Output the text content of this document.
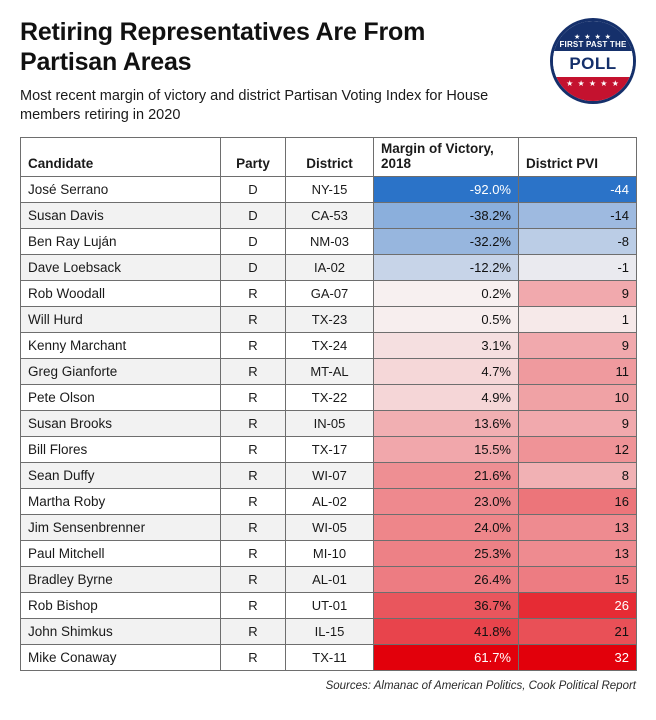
Retiring Representatives Are From Partisan Areas
Most recent margin of victory and district Partisan Voting Index for House members retiring in 2020
★ ★ ★ ★
FIRST PAST THE
POLL
★ ★ ★ ★ ★
Candidate	Party	District	Margin of Victory, 2018	District PVI
José Serrano	D	NY-15	-92.0%	-44
Susan Davis	D	CA-53	-38.2%	-14
Ben Ray Luján	D	NM-03	-32.2%	-8
Dave Loebsack	D	IA-02	-12.2%	-1
Rob Woodall	R	GA-07	0.2%	9
Will Hurd	R	TX-23	0.5%	1
Kenny Marchant	R	TX-24	3.1%	9
Greg Gianforte	R	MT-AL	4.7%	11
Pete Olson	R	TX-22	4.9%	10
Susan Brooks	R	IN-05	13.6%	9
Bill Flores	R	TX-17	15.5%	12
Sean Duffy	R	WI-07	21.6%	8
Martha Roby	R	AL-02	23.0%	16
Jim Sensenbrenner	R	WI-05	24.0%	13
Paul Mitchell	R	MI-10	25.3%	13
Bradley Byrne	R	AL-01	26.4%	15
Rob Bishop	R	UT-01	36.7%	26
John Shimkus	R	IL-15	41.8%	21
Mike Conaway	R	TX-11	61.7%	32
Sources: Almanac of American Politics, Cook Political Report
